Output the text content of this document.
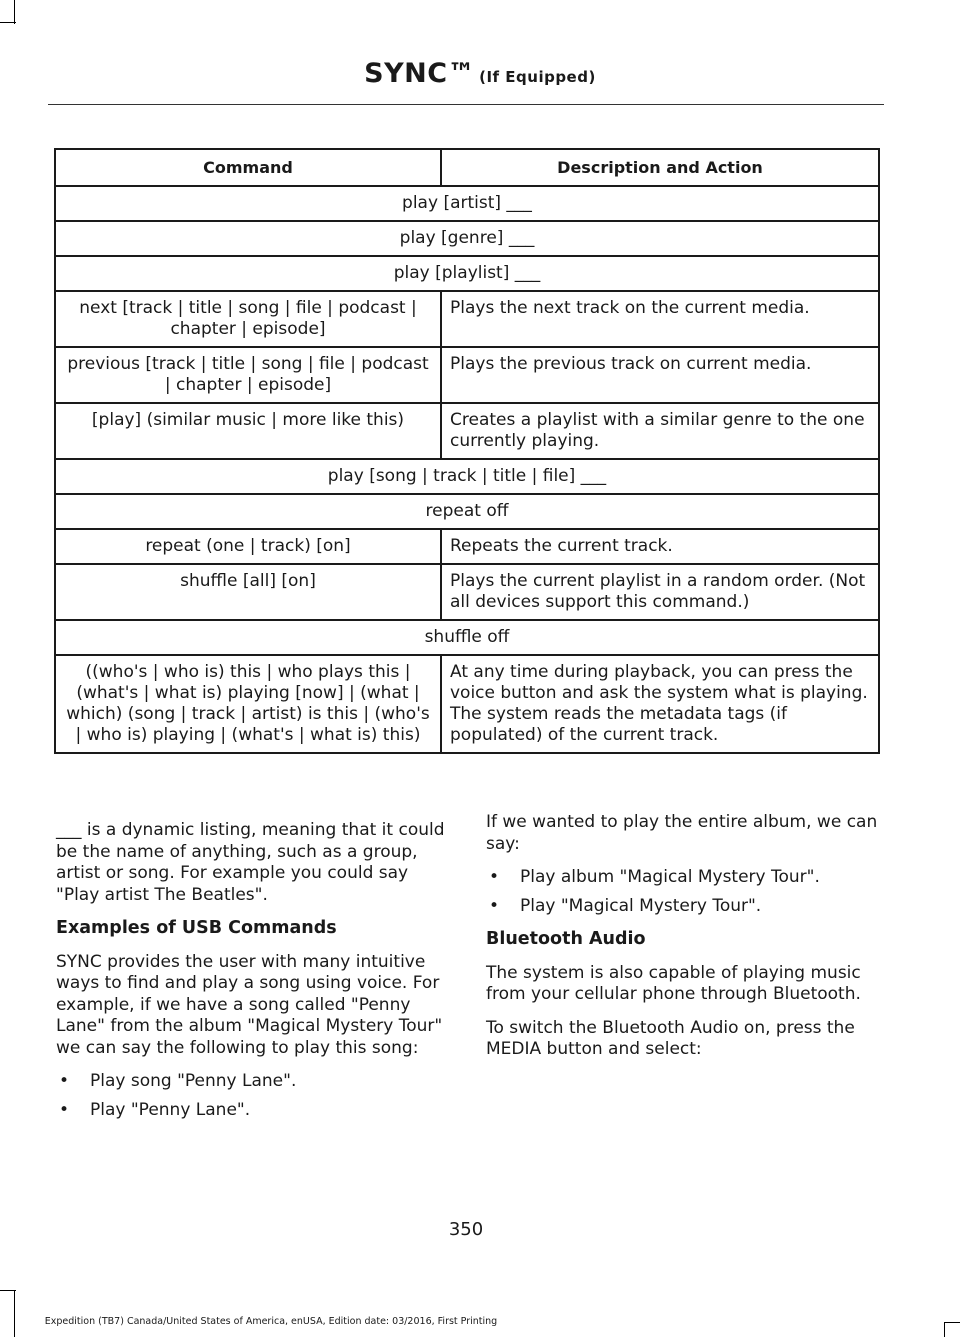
SYNC™ (If Equipped)
Command	Description and Action
play [artist] ___	
play [genre] ___	
play [playlist] ___	
next [track | title | song | file | podcast | chapter | episode]	Plays the next track on the current media.
previous [track | title | song | file | podcast | chapter | episode]	Plays the previous track on current media.
[play] (similar music | more like this)	Creates a playlist with a similar genre to the one currently playing.
play [song | track | title | file] ___	
repeat off	
repeat (one | track) [on]	Repeats the current track.
shuffle [all] [on]	Plays the current playlist in a random order. (Not all devices support this command.)
shuffle off	
((who's | who is) this | who plays this | (what's | what is) playing [now] | (what | which) (song | track | artist) is this | (who's | who is) playing | (what's | what is) this)	At any time during playback, you can press the voice button and ask the system what is playing. The system reads the metadata tags (if populated) of the current track.

___ is a dynamic listing, meaning that it could be the name of anything, such as a group, artist or song. For example you could say "Play artist The Beatles".

Examples of USB Commands

SYNC provides the user with many intuitive ways to find and play a song using voice. For example, if we have a song called "Penny Lane" from the album "Magical Mystery Tour" we can say the following to play this song:

• Play song "Penny Lane".
• Play "Penny Lane".

If we wanted to play the entire album, we can say:

• Play album "Magical Mystery Tour".
• Play "Magical Mystery Tour".
Bluetooth Audio

The system is also capable of playing music from your cellular phone through Bluetooth.

To switch the Bluetooth Audio on, press the MEDIA button and select:

350
Expedition (TB7) Canada/United States of America, enUSA, Edition date: 03/2016, First Printing
